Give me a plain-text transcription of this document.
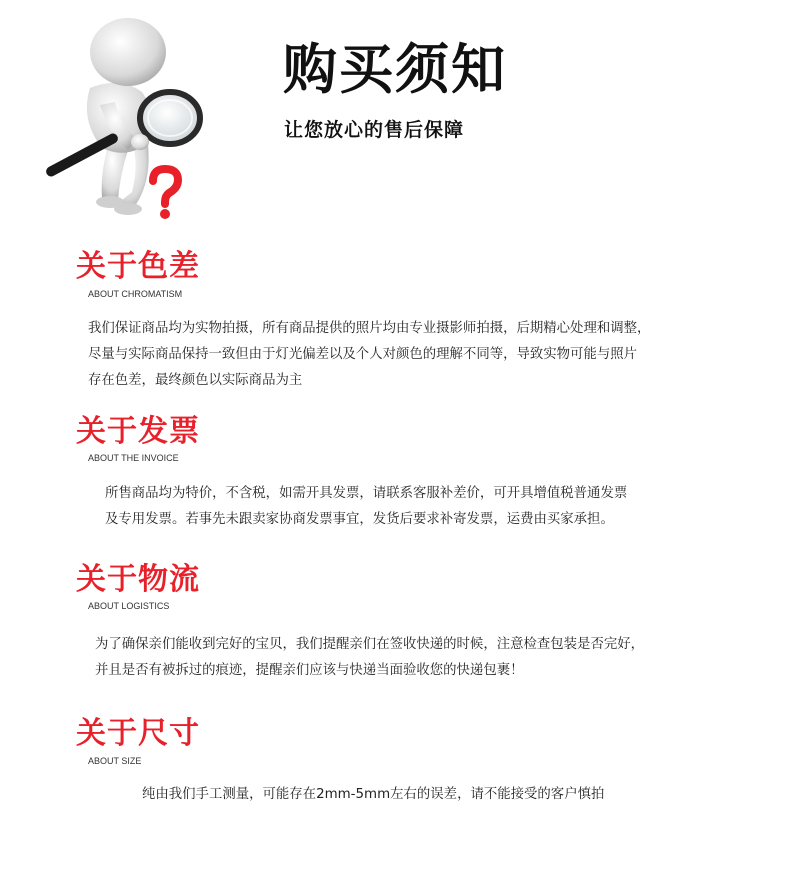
购买须知
让您放心的售后保障
关于色差
ABOUT CHROMATISM
我们保证商品均为实物拍摄，所有商品提供的照片均由专业摄影师拍摄，后期精心处理和调整，
尽量与实际商品保持一致但由于灯光偏差以及个人对颜色的理解不同等，导致实物可能与照片
存在色差，最终颜色以实际商品为主
关于发票
ABOUT THE INVOICE
所售商品均为特价，不含税，如需开具发票，请联系客服补差价，可开具增值税普通发票
及专用发票。若事先未跟卖家协商发票事宜，发货后要求补寄发票，运费由买家承担。
关于物流
ABOUT LOGISTICS
为了确保亲们能收到完好的宝贝，我们提醒亲们在签收快递的时候，注意检查包装是否完好，
并且是否有被拆过的痕迹，提醒亲们应该与快递当面验收您的快递包裹！
关于尺寸
ABOUT SIZE
纯由我们手工测量，可能存在2mm-5mm左右的误差，请不能接受的客户慎拍
